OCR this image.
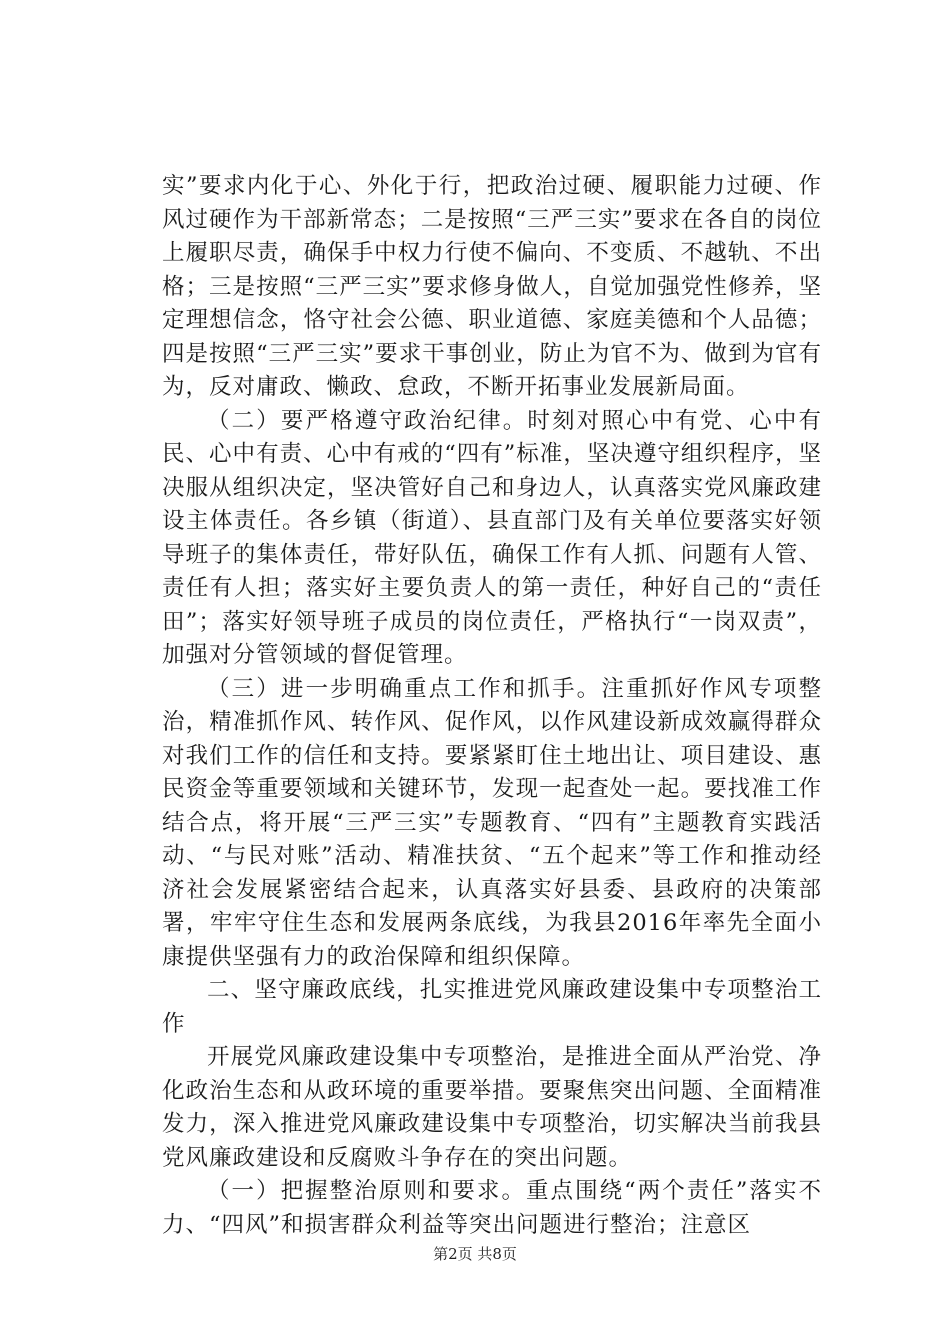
实”要求内化于心、外化于行，把政治过硬、履职能力过硬、作风过硬作为干部新常态；二是按照“三严三实”要求在各自的岗位上履职尽责，确保手中权力行使不偏向、不变质、不越轨、不出格；三是按照“三严三实”要求修身做人，自觉加强党性修养，坚定理想信念，恪守社会公德、职业道德、家庭美德和个人品德；四是按照“三严三实”要求干事创业，防止为官不为、做到为官有为，反对庸政、懒政、怠政，不断开拓事业发展新局面。

（二）要严格遵守政治纪律。时刻对照心中有党、心中有民、心中有责、心中有戒的“四有”标准，坚决遵守组织程序，坚决服从组织决定，坚决管好自己和身边人，认真落实党风廉政建设主体责任。各乡镇（街道）、县直部门及有关单位要落实好领导班子的集体责任，带好队伍，确保工作有人抓、问题有人管、责任有人担；落实好主要负责人的第一责任，种好自己的“责任田”；落实好领导班子成员的岗位责任，严格执行“一岗双责”，加强对分管领域的督促管理。

（三）进一步明确重点工作和抓手。注重抓好作风专项整治，精准抓作风、转作风、促作风，以作风建设新成效赢得群众对我们工作的信任和支持。要紧紧盯住土地出让、项目建设、惠民资金等重要领域和关键环节，发现一起查处一起。要找准工作结合点，将开展“三严三实”专题教育、“四有”主题教育实践活动、“与民对账”活动、精准扶贫、“五个起来”等工作和推动经济社会发展紧密结合起来，认真落实好县委、县政府的决策部署，牢牢守住生态和发展两条底线，为我县2016年率先全面小康提供坚强有力的政治保障和组织保障。

二、坚守廉政底线，扎实推进党风廉政建设集中专项整治工作

开展党风廉政建设集中专项整治，是推进全面从严治党、净化政治生态和从政环境的重要举措。要聚焦突出问题、全面精准发力，深入推进党风廉政建设集中专项整治，切实解决当前我县党风廉政建设和反腐败斗争存在的突出问题。

（一）把握整治原则和要求。重点围绕“两个责任”落实不力、“四风”和损害群众利益等突出问题进行整治；注意区

第2页 共8页
